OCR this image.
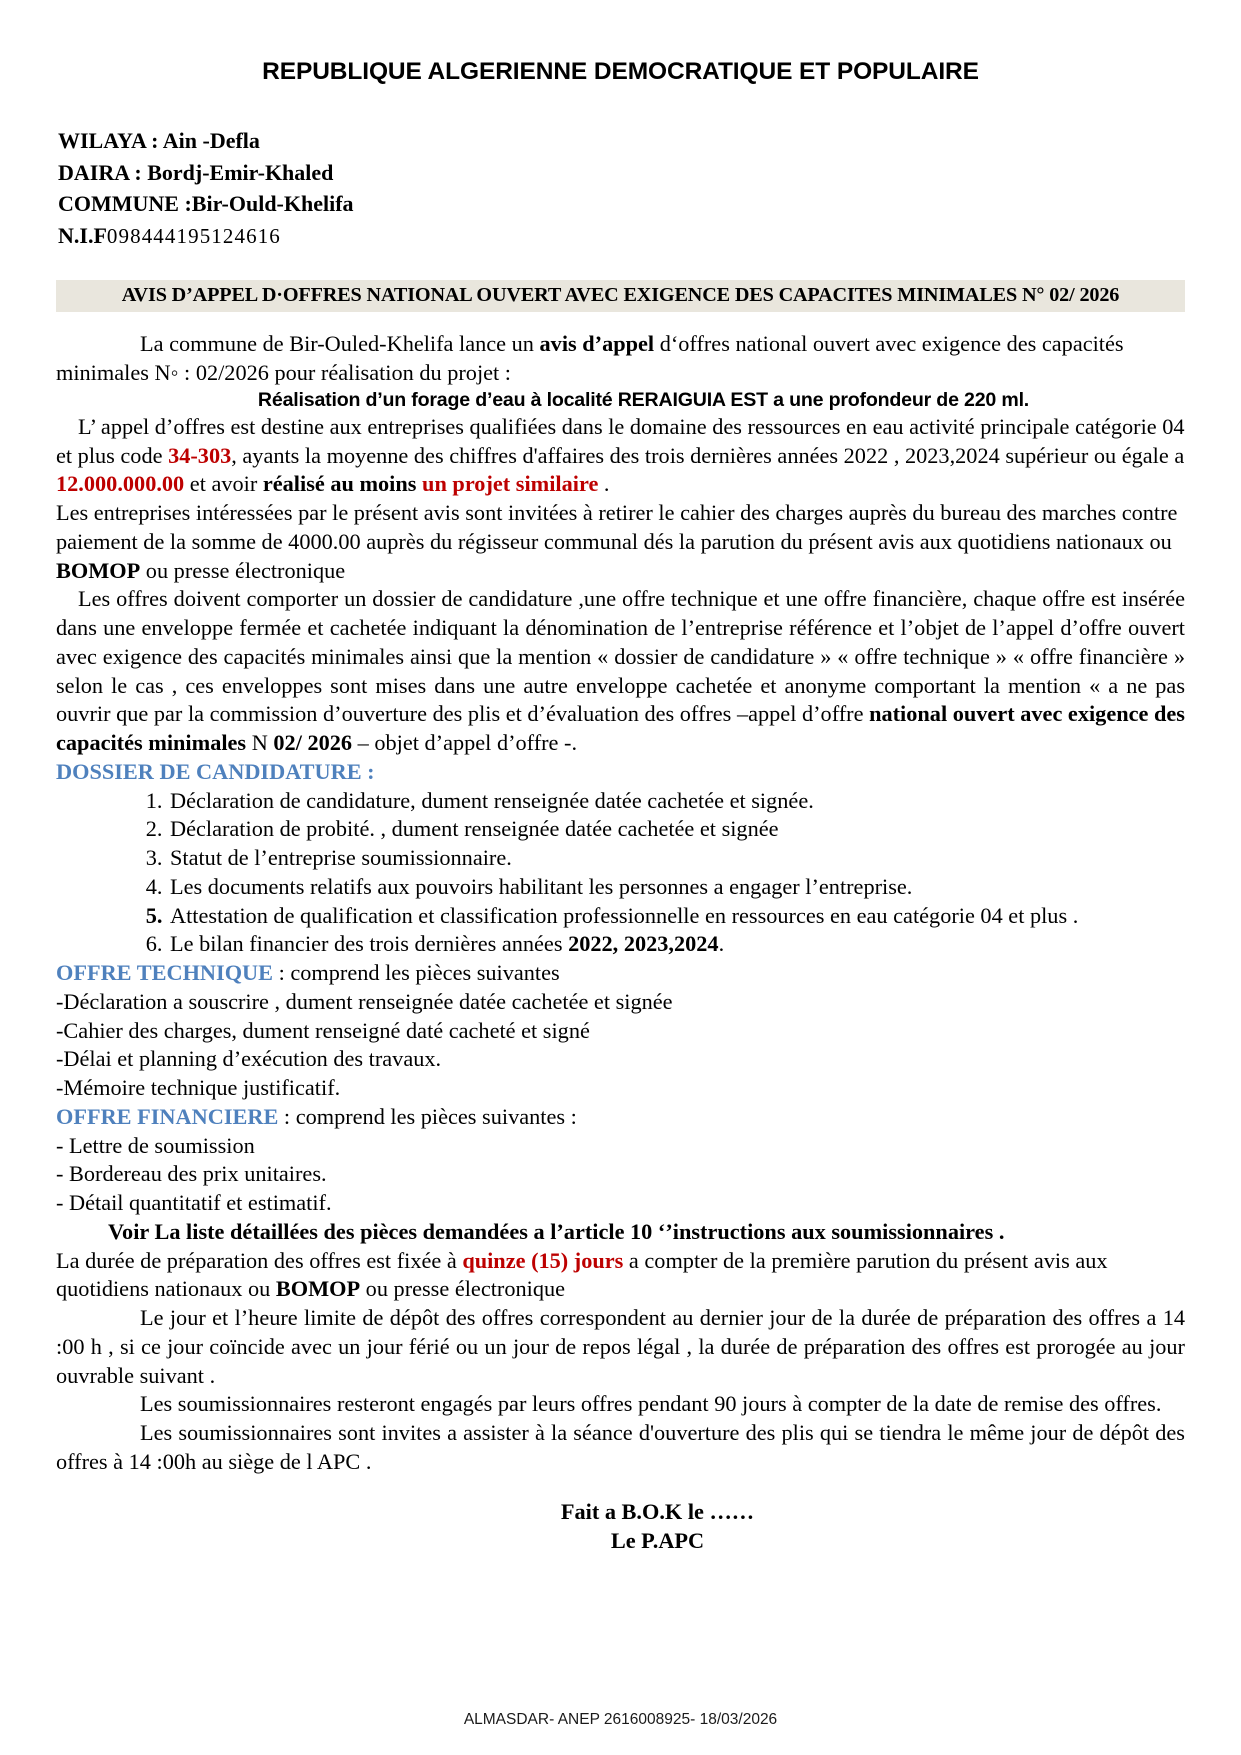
REPUBLIQUE ALGERIENNE DEMOCRATIQUE ET POPULAIRE
WILAYA : Ain -Defla
DAIRA : Bordj-Emir-Khaled
COMMUNE :Bir-Ould-Khelifa
N.I.F098444195124616
AVIS D’APPEL D·OFFRES NATIONAL OUVERT AVEC EXIGENCE DES CAPACITES MINIMALES N° 02/ 2026

La commune de Bir-Ouled-Khelifa lance un avis d’appel dʻoffres national ouvert avec exigence des capacités minimales N◦ : 02/2026 pour réalisation du projet :

Réalisation d’un forage d’eau à localité RERAIGUIA EST a une profondeur de 220 ml.

L’ appel d’offres est destine aux entreprises qualifiées dans le domaine des ressources en eau activité principale catégorie 04 et plus code 34-303, ayants la moyenne des chiffres d'affaires des trois dernières années 2022 , 2023,2024 supérieur ou égale a 12.000.000.00 et avoir réalisé au moins un projet similaire .

Les entreprises intéressées par le présent avis sont invitées à retirer le cahier des charges auprès du bureau des marches contre paiement de la somme de 4000.00 auprès du régisseur communal dés la parution du présent avis aux quotidiens nationaux ou BOMOP ou presse électronique

Les offres doivent comporter un dossier de candidature ,une offre technique et une offre financière, chaque offre est insérée dans une enveloppe fermée et cachetée indiquant la dénomination de l’entreprise référence et l’objet de l’appel d’offre ouvert avec exigence des capacités minimales ainsi que la mention « dossier de candidature » « offre technique » « offre financière » selon le cas , ces enveloppes sont mises dans une autre enveloppe cachetée et anonyme comportant la mention « a ne pas ouvrir que par la commission d’ouverture des plis et d’évaluation des offres –appel d’offre national ouvert avec exigence des capacités minimales N 02/ 2026 – objet d’appel d’offre -.

DOSSIER DE CANDIDATURE :

1. Déclaration de candidature, dument renseignée datée cachetée et signée.
2. Déclaration de probité. , dument renseignée datée cachetée et signée
3. Statut de l’entreprise soumissionnaire.
4. Les documents relatifs aux pouvoirs habilitant les personnes a engager l’entreprise.
5. Attestation de qualification et classification professionnelle en ressources en eau catégorie 04 et plus .
6. Le bilan financier des trois dernières années 2022, 2023,2024.

OFFRE TECHNIQUE : comprend les pièces suivantes

-Déclaration a souscrire , dument renseignée datée cachetée et signée

-Cahier des charges, dument renseigné daté cacheté et signé

-Délai et planning d’exécution des travaux.

-Mémoire technique justificatif.

OFFRE FINANCIERE : comprend les pièces suivantes :

- Lettre de soumission

- Bordereau des prix unitaires.

- Détail quantitatif et estimatif.

Voir La liste détaillées des pièces demandées a l’article 10 ‘’instructions aux soumissionnaires .

La durée de préparation des offres est fixée à quinze (15) jours a compter de la première parution du présent avis aux quotidiens nationaux ou BOMOP ou presse électronique

Le jour et l’heure limite de dépôt des offres correspondent au dernier jour de la durée de préparation des offres a 14 :00 h , si ce jour coïncide avec un jour férié ou un jour de repos légal , la durée de préparation des offres est prorogée au jour ouvrable suivant .

Les soumissionnaires resteront engagés par leurs offres pendant 90 jours à compter de la date de remise des offres.

Les soumissionnaires sont invites a assister à la séance d'ouverture des plis qui se tiendra le même jour de dépôt des offres à 14 :00h au siège de l APC .

Fait a B.O.K le ……
Le P.APC
ALMASDAR- ANEP 2616008925- 18/03/2026
